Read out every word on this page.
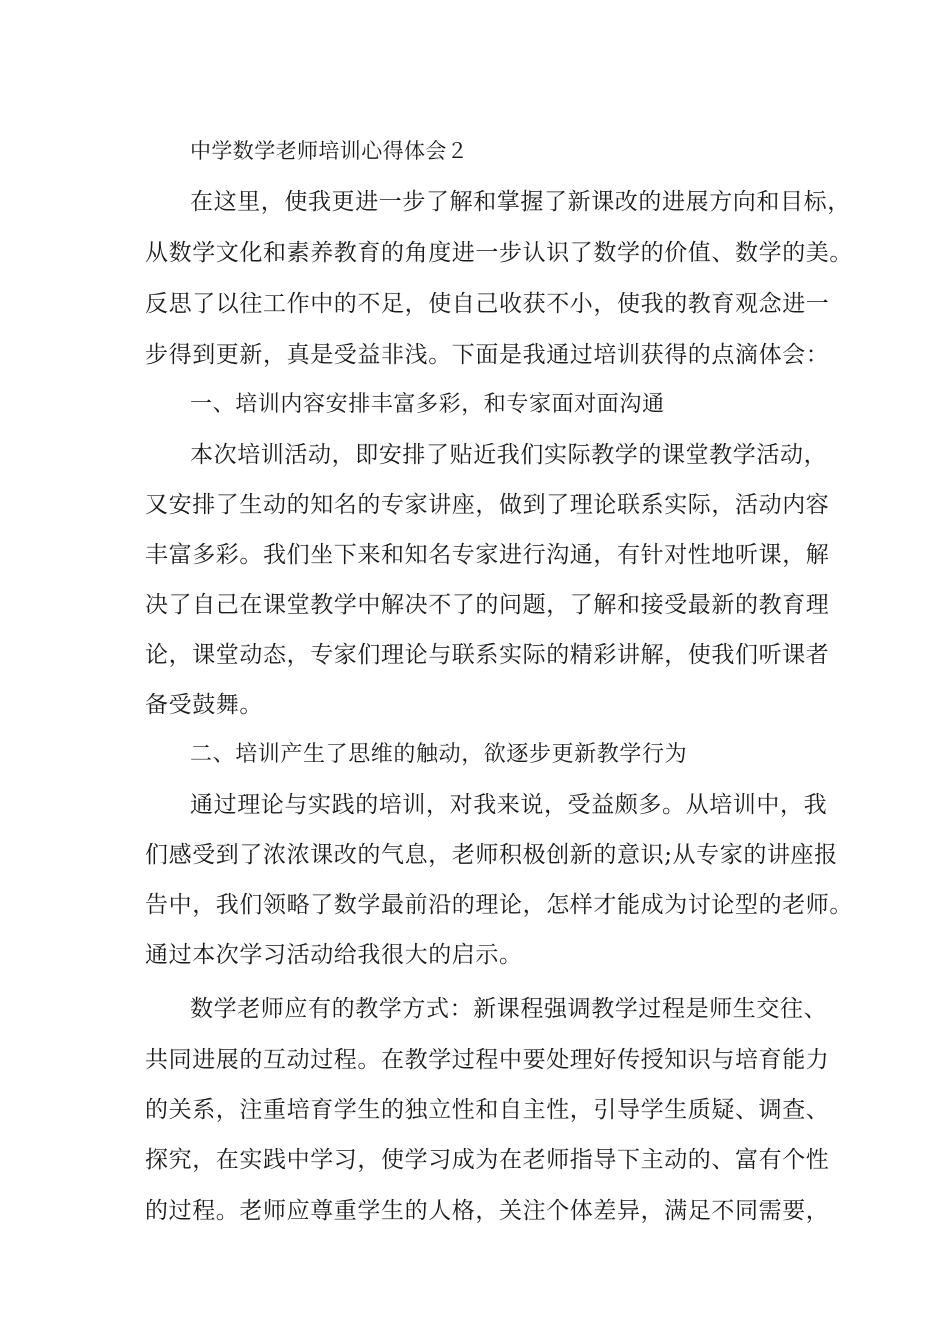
中学数学老师培训心得体会２
在这里，使我更进一步了解和掌握了新课改的进展方向和目标，
从数学文化和素养教育的角度进一步认识了数学的价值、数学的美。
反思了以往工作中的不足，使自己收获不小，使我的教育观念进一
步得到更新，真是受益非浅。下面是我通过培训获得的点滴体会：
一、培训内容安排丰富多彩，和专家面对面沟通
本次培训活动，即安排了贴近我们实际教学的课堂教学活动，
又安排了生动的知名的专家讲座，做到了理论联系实际，活动内容
丰富多彩。我们坐下来和知名专家进行沟通，有针对性地听课，解
决了自己在课堂教学中解决不了的问题，了解和接受最新的教育理
论，课堂动态，专家们理论与联系实际的精彩讲解，使我们听课者
备受鼓舞。
二、培训产生了思维的触动，欲逐步更新教学行为
通过理论与实践的培训，对我来说，受益颇多。从培训中，我
们感受到了浓浓课改的气息，老师积极创新的意识;从专家的讲座报
告中，我们领略了数学最前沿的理论，怎样才能成为讨论型的老师。
通过本次学习活动给我很大的启示。
数学老师应有的教学方式：新课程强调教学过程是师生交往、
共同进展的互动过程。在教学过程中要处理好传授知识与培育能力
的关系，注重培育学生的独立性和自主性，引导学生质疑、调查、
探究，在实践中学习，使学习成为在老师指导下主动的、富有个性
的过程。老师应尊重学生的人格，关注个体差异，满足不同需要，
